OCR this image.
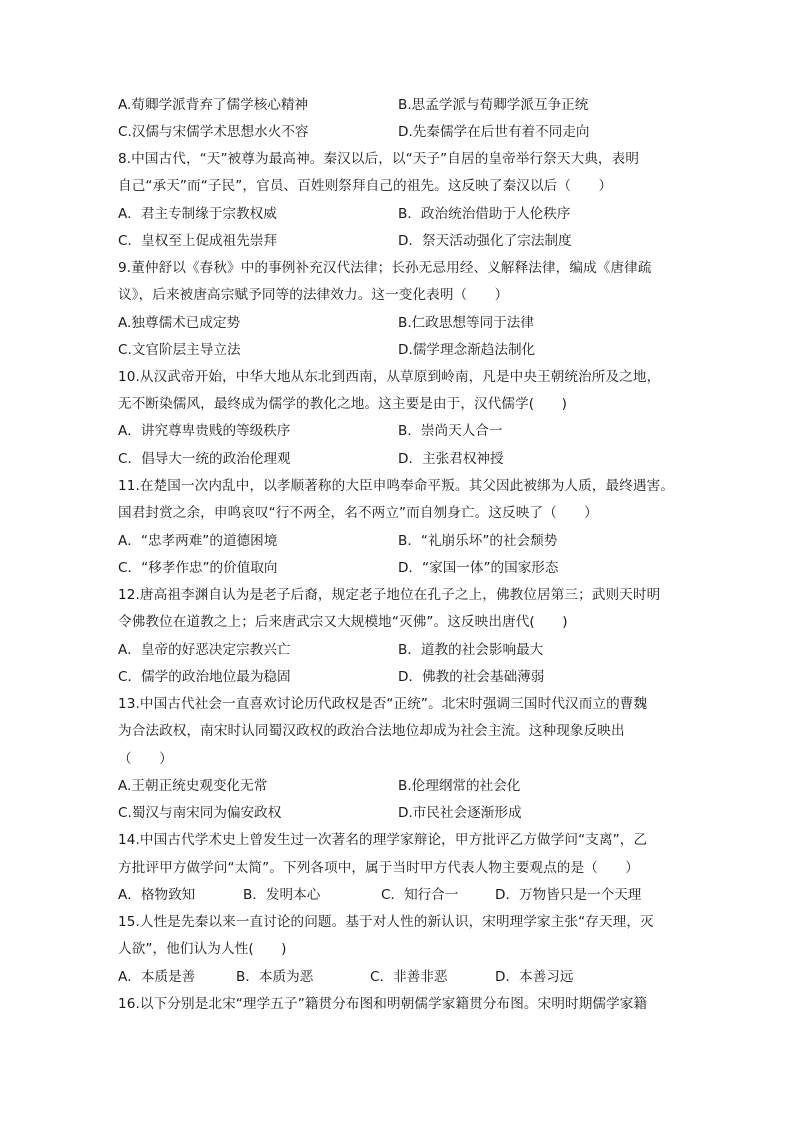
A.荀卿学派背弃了儒学核心精神	B.思孟学派与荀卿学派互争正统
C.汉儒与宋儒学术思想水火不容	D.先秦儒学在后世有着不同走向
8.中国古代，“天”被尊为最高神。秦汉以后，以“天子”自居的皇帝举行祭天大典，表明
自己“承天”而“子民”，官员、百姓则祭拜自己的祖先。这反映了秦汉以后（　　）
A．君主专制缘于宗教权威	B．政治统治借助于人伦秩序
C．皇权至上促成祖先崇拜	D．祭天活动强化了宗法制度
9.董仲舒以《春秋》中的事例补充汉代法律；长孙无忌用经、义解释法律，编成《唐律疏
议》，后来被唐高宗赋予同等的法律效力。这一变化表明（　　）
A.独尊儒术已成定势	B.仁政思想等同于法律
C.文官阶层主导立法	D.儒学理念渐趋法制化
10.从汉武帝开始，中华大地从东北到西南，从草原到岭南，凡是中央王朝统治所及之地，
无不断染儒风，最终成为儒学的教化之地。这主要是由于，汉代儒学(　　)
A．讲究尊卑贵贱的等级秩序	B．崇尚天人合一
C．倡导大一统的政治伦理观	D．主张君权神授
11.在楚国一次内乱中，以孝顺著称的大臣申鸣奉命平叛。其父因此被绑为人质，最终遇害。
国君封赏之余，申鸣哀叹“行不两全，名不两立”而自刎身亡。这反映了（　　）
A．“忠孝两难”的道德困境	B．“礼崩乐坏”的社会颓势
C．“移孝作忠”的价值取向	D．“家国一体”的国家形态
12.唐高祖李渊自认为是老子后裔，规定老子地位在孔子之上，佛教位居第三；武则天时明
令佛教位在道教之上；后来唐武宗又大规模地“灭佛”。这反映出唐代(　　)
A．皇帝的好恶决定宗教兴亡	B．道教的社会影响最大
C．儒学的政治地位最为稳固	D．佛教的社会基础薄弱
13.中国古代社会一直喜欢讨论历代政权是否“正统”。北宋时强调三国时代汉而立的曹魏
为合法政权，南宋时认同蜀汉政权的政治合法地位却成为社会主流。这种现象反映出
（　　）
A.王朝正统史观变化无常	B.伦理纲常的社会化
C.蜀汉与南宋同为偏安政权	D.市民社会逐渐形成
14.中国古代学术史上曾发生过一次著名的理学家辩论，甲方批评乙方做学问“支离”，乙
方批评甲方做学问“太简”。下列各项中，属于当时甲方代表人物主要观点的是（　　）
A．格物致知	B．发明本心	C．知行合一	D．万物皆只是一个天理
15.人性是先秦以来一直讨论的问题。基于对人性的新认识，宋明理学家主张“存天理，灭
人欲”，他们认为人性(　　)
A．本质是善	B．本质为恶	C．非善非恶	D．本善习远
16.以下分别是北宋“理学五子”籍贯分布图和明朝儒学家籍贯分布图。宋明时期儒学家籍
